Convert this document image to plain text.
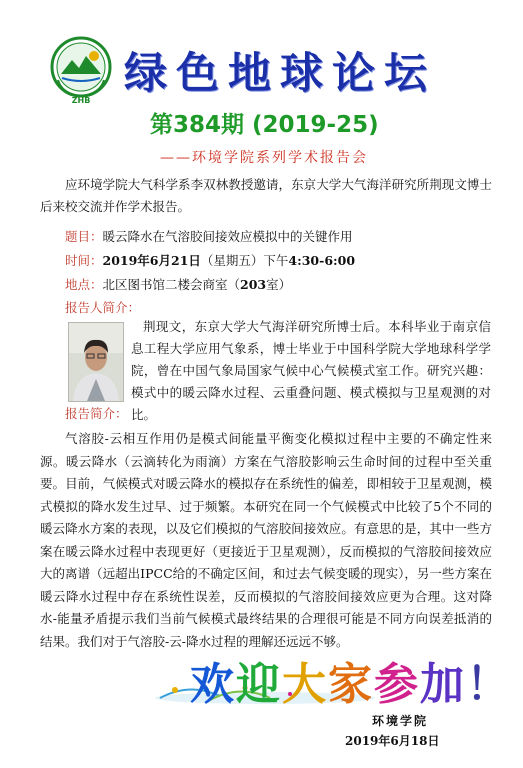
ZHB
绿色地球论坛
第384期 (2019-25)
——环境学院系列学术报告会
应环境学院大气科学系李双林教授邀请，东京大学大气海洋研究所荆现文博士后来校交流并作学术报告。
题目：暖云降水在气溶胶间接效应模拟中的关键作用
时间：2019年6月21日（星期五）下午4:30-6:00
地点：北区图书馆二楼会商室（203室）
报告人简介：
荆现文，东京大学大气海洋研究所博士后。本科毕业于南京信息工程大学应用气象系，博士毕业于中国科学院大学地球科学学院，曾在中国气象局国家气候中心气候模式室工作。研究兴趣：模式中的暖云降水过程、云重叠问题、模式模拟与卫星观测的对比。
报告简介：
气溶胶-云相互作用仍是模式间能量平衡变化模拟过程中主要的不确定性来源。暖云降水（云滴转化为雨滴）方案在气溶胶影响云生命时间的过程中至关重要。目前，气候模式对暖云降水的模拟存在系统性的偏差，即相较于卫星观测，模式模拟的降水发生过早、过于频繁。本研究在同一个气候模式中比较了5个不同的暖云降水方案的表现，以及它们模拟的气溶胶间接效应。有意思的是，其中一些方案在暖云降水过程中表现更好（更接近于卫星观测），反而模拟的气溶胶间接效应大的离谱（远超出IPCC给的不确定区间，和过去气候变暖的现实），另一些方案在暖云降水过程中存在系统性误差，反而模拟的气溶胶间接效应更为合理。这对降水-能量矛盾提示我们当前气候模式最终结果的合理很可能是不同方向误差抵消的结果。我们对于气溶胶-云-降水过程的理解还远远不够。
欢迎大家参加！
环境学院
2019年6月18日
